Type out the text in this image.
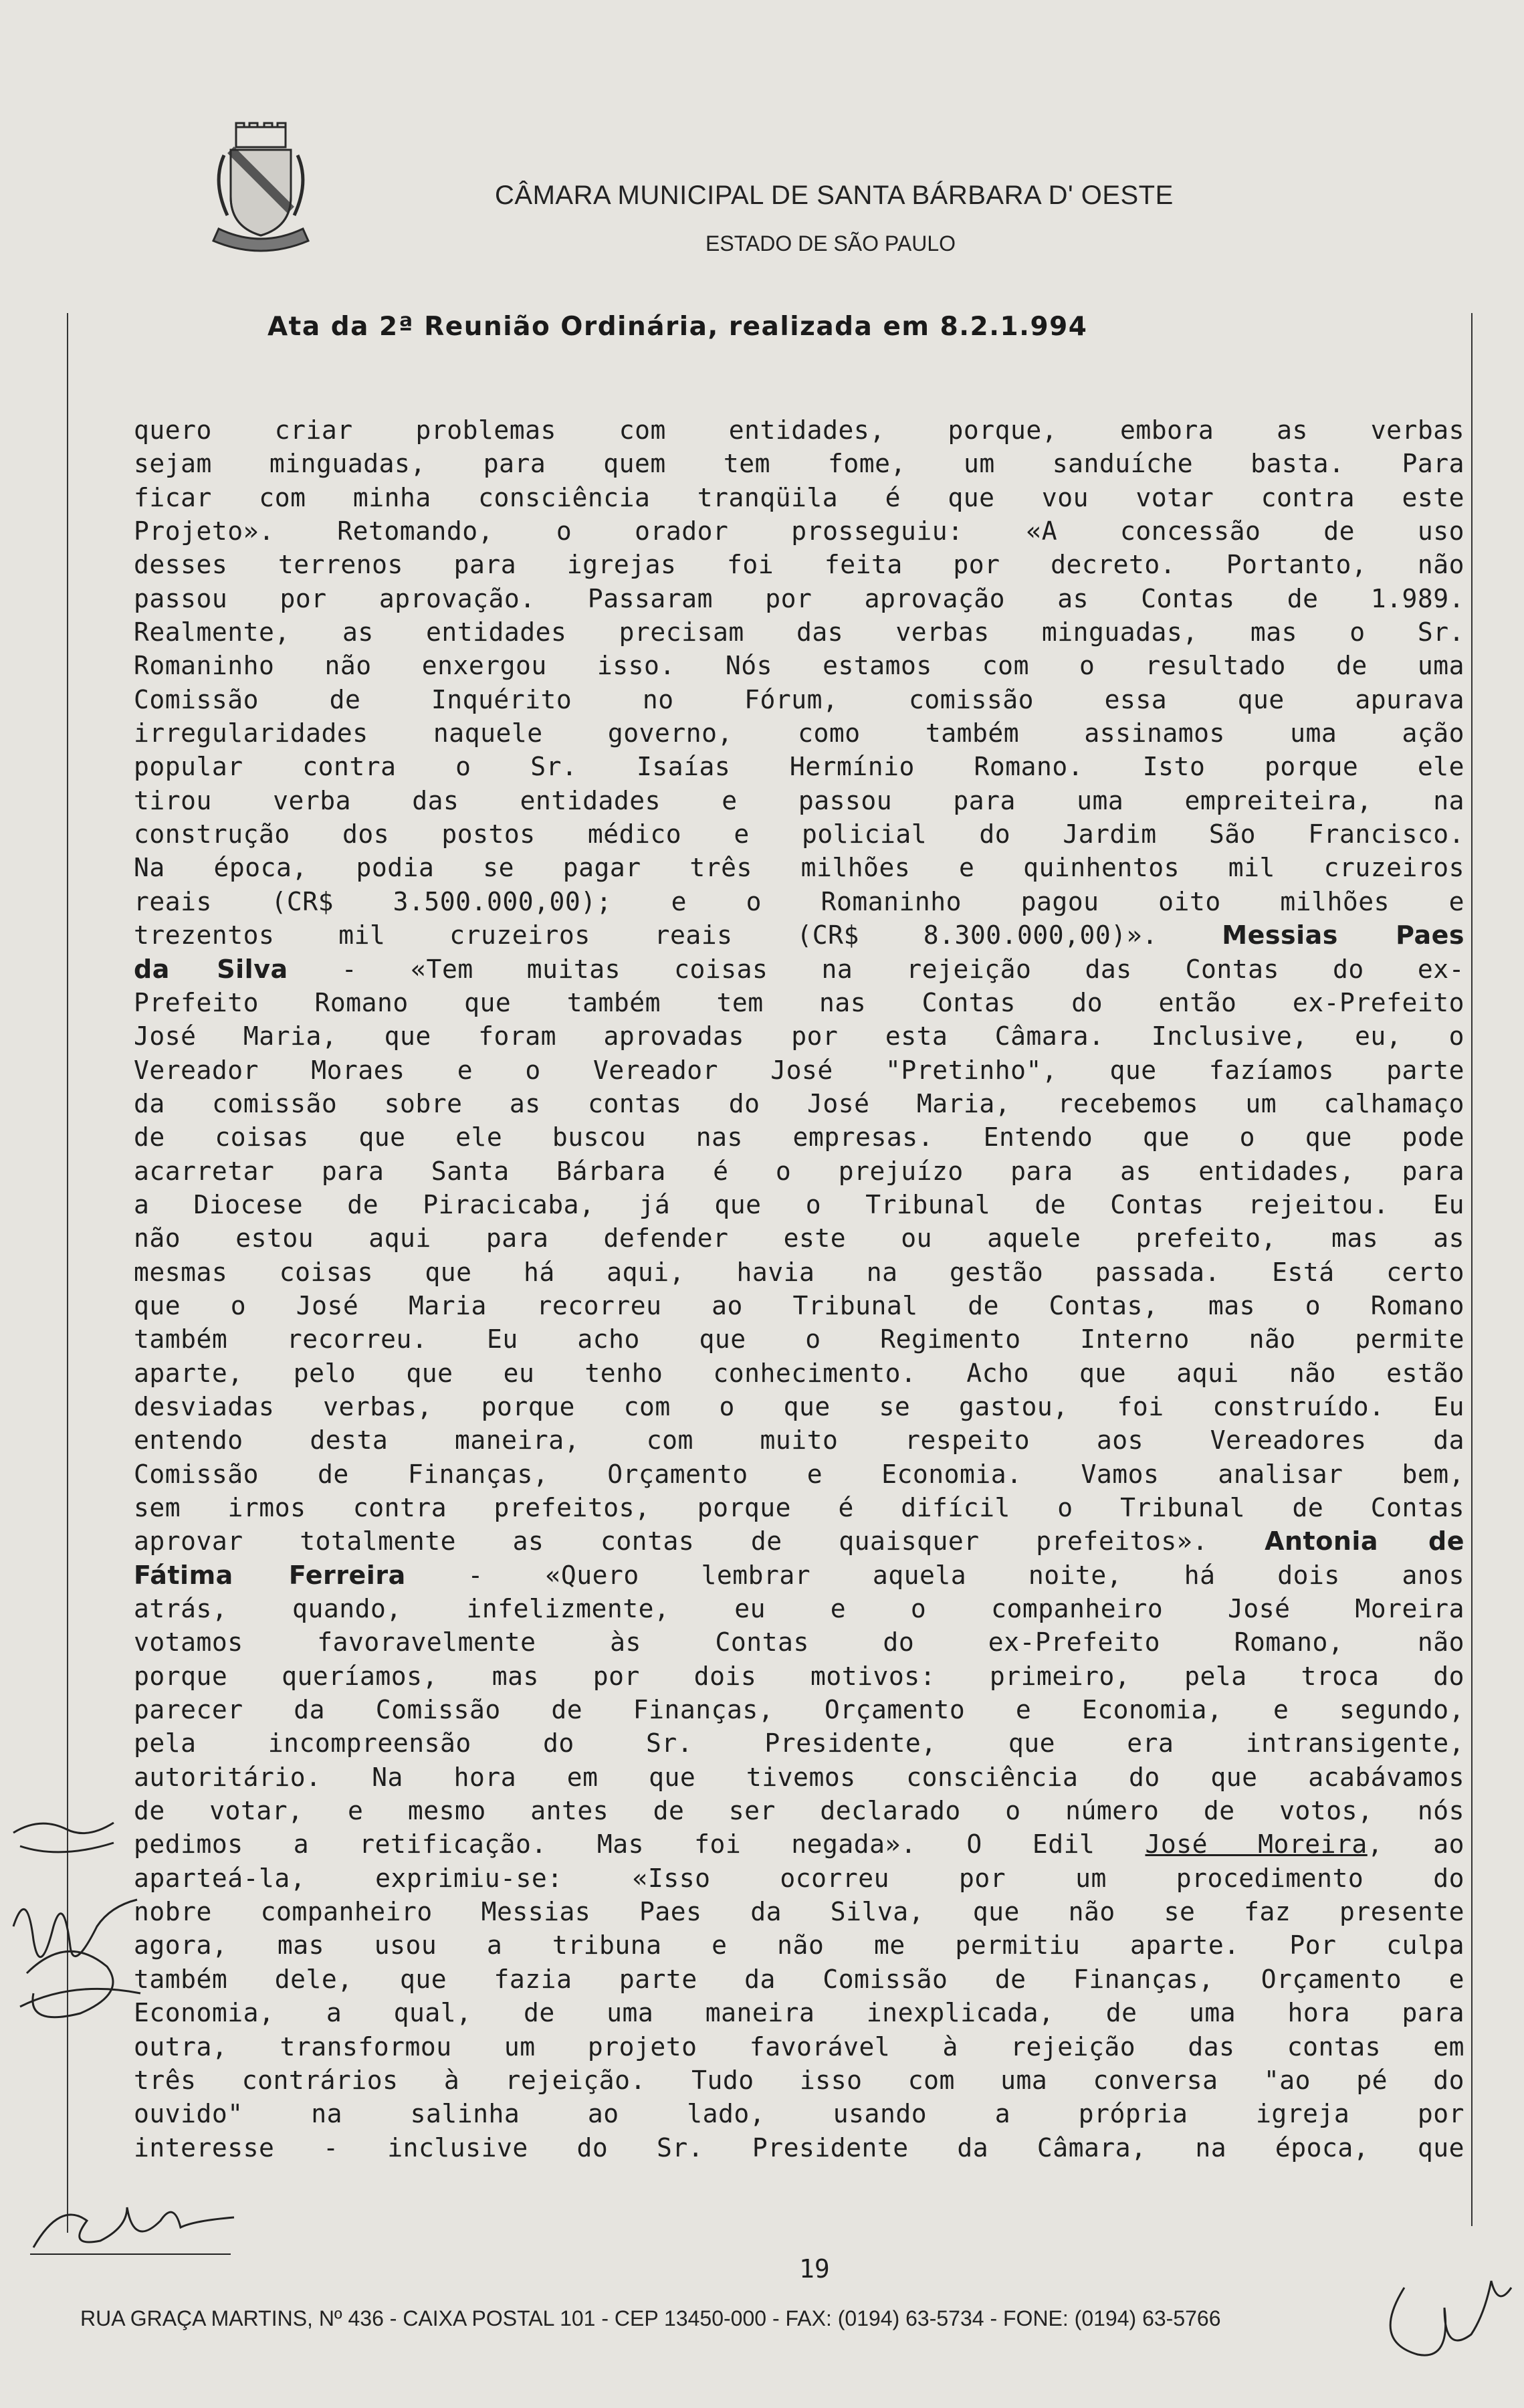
CÂMARA MUNICIPAL DE SANTA BÁRBARA D' OESTE
ESTADO DE SÃO PAULO
Ata da 2ª Reunião Ordinária, realizada em 8.2.1.994
quero criar problemas com entidades, porque, embora as verbas
sejam minguadas, para quem tem fome, um sanduíche basta. Para
ficar com minha consciência tranqüila é que vou votar contra este
Projeto». Retomando, o orador prosseguiu: «A concessão de uso
desses terrenos para igrejas foi feita por decreto. Portanto, não
passou por aprovação. Passaram por aprovação as Contas de 1.989.
Realmente, as entidades precisam das verbas minguadas, mas o Sr.
Romaninho não enxergou isso. Nós estamos com o resultado de uma
Comissão de Inquérito no Fórum, comissão essa que apurava
irregularidades naquele governo, como também assinamos uma ação
popular contra o Sr. Isaías Hermínio Romano. Isto porque ele
tirou verba das entidades e passou para uma empreiteira, na
construção dos postos médico e policial do Jardim São Francisco.
Na época, podia se pagar três milhões e quinhentos mil cruzeiros
reais (CR$ 3.500.000,00); e o Romaninho pagou oito milhões e
trezentos mil cruzeiros reais (CR$ 8.300.000,00)».	Messias Paes
da Silva - «Tem muitas coisas na rejeição das Contas do ex-
Prefeito Romano que também tem nas Contas do então ex-Prefeito
José Maria, que foram aprovadas por esta Câmara. Inclusive, eu, o
Vereador Moraes e o Vereador José "Pretinho", que fazíamos parte
da comissão sobre as contas do José Maria, recebemos um calhamaço
de coisas que ele buscou nas empresas. Entendo que o que pode
acarretar para Santa Bárbara é o prejuízo para as entidades, para
a Diocese de Piracicaba, já que o Tribunal de Contas rejeitou. Eu
não estou aqui para defender este ou aquele prefeito, mas as
mesmas coisas que há aqui, havia na gestão passada. Está certo
que o José Maria recorreu ao Tribunal de Contas, mas o Romano
também recorreu. Eu acho que o Regimento Interno não permite
aparte, pelo que eu tenho conhecimento. Acho que aqui não estão
desviadas verbas, porque com o que se gastou, foi construído. Eu
entendo desta maneira, com muito respeito aos Vereadores da
Comissão de Finanças, Orçamento e Economia. Vamos analisar bem,
sem irmos contra prefeitos, porque é difícil o Tribunal de Contas
aprovar totalmente as contas de quaisquer prefeitos». Antonia de
Fátima Ferreira - «Quero lembrar aquela noite, há dois anos
atrás, quando, infelizmente, eu e o companheiro José Moreira
votamos favoravelmente às Contas do ex-Prefeito Romano, não
porque queríamos, mas por dois motivos: primeiro, pela troca do
parecer da Comissão de Finanças, Orçamento e Economia, e segundo,
pela incompreensão do Sr. Presidente, que era intransigente,
autoritário. Na hora em que tivemos consciência do que acabávamos
de votar, e mesmo antes de ser declarado o número de votos, nós
pedimos a retificação. Mas foi negada». O Edil José Moreira, ao
aparteá-la, exprimiu-se: «Isso ocorreu por um procedimento do
nobre companheiro Messias Paes da Silva, que não se faz presente
agora, mas usou a tribuna e não me permitiu aparte. Por culpa
também dele, que fazia parte da Comissão de Finanças, Orçamento e
Economia, a qual, de uma maneira inexplicada, de uma hora para
outra, transformou um projeto favorável à rejeição das contas em
três contrários à rejeição. Tudo isso com uma conversa "ao pé do
ouvido" na salinha ao lado, usando a própria igreja por
interesse - inclusive do Sr. Presidente da Câmara, na época, que
19
RUA GRAÇA MARTINS, Nº 436 - CAIXA POSTAL 101 - CEP 13450-000 - FAX: (0194) 63-5734 - FONE: (0194) 63-5766
